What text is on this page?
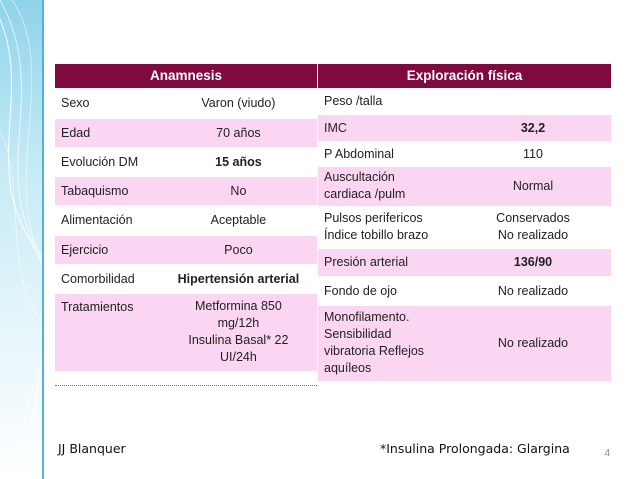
Anamnesis	
Sexo	Varon (viudo)
Edad	70 años
Evolución DM	15 años
Tabaquismo	No
Alimentación	Aceptable
Ejercicio	Poco
Comorbilidad	Hipertensión arterial
Tratamientos	Metformina 850
mg/12h
Insulina Basal* 22
UI/24h
Exploración física	
Peso /talla	
IMC	32,2
P Abdominal	110
Auscultación
cardiaca /pulm	Normal
Pulsos perifericos
Índice tobillo brazo	Conservados
No realizado
Presión arterial	136/90
Fondo de ojo	No realizado
Monofilamento.
Sensibilidad
vibratoria Reflejos
aquíleos	No realizado
JJ Blanquer	*Insulina Prolongada: Glargina	4
